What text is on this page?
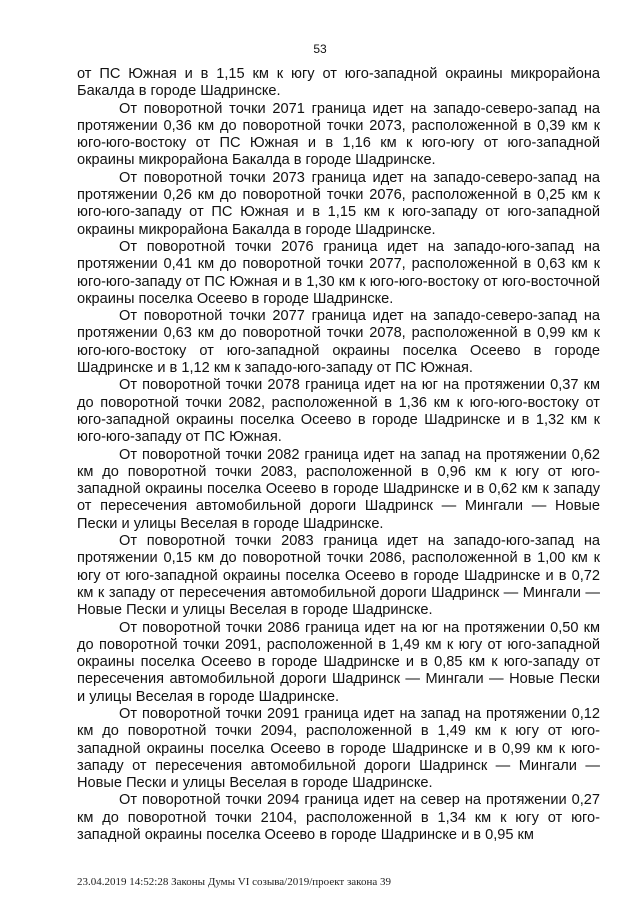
53

от ПС Южная и в 1,15 км к югу от юго-западной окраины микрорайона Бакалда в городе Шадринске.

От поворотной точки 2071 граница идет на западо-северо-запад на протяжении 0,36 км до поворотной точки 2073, расположенной в 0,39 км к юго-юго-востоку от ПС Южная и в 1,16 км к юго-югу от юго-западной окраины микрорайона Бакалда в городе Шадринске.

От поворотной точки 2073 граница идет на западо-северо-запад на протяжении 0,26 км до поворотной точки 2076, расположенной в 0,25 км к юго-юго-западу от ПС Южная и в 1,15 км к юго-западу от юго-западной окраины микрорайона Бакалда в городе Шадринске.

От поворотной точки 2076 граница идет на западо-юго-запад на протяжении 0,41 км до поворотной точки 2077, расположенной в 0,63 км к юго-юго-западу от ПС Южная и в 1,30 км к юго-юго-востоку от юго-восточной окраины поселка Осеево в городе Шадринске.

От поворотной точки 2077 граница идет на западо-северо-запад на протяжении 0,63 км до поворотной точки 2078, расположенной в 0,99 км к юго-юго-востоку от юго-западной окраины поселка Осеево в городе Шадринске и в 1,12 км к западо-юго-западу от ПС Южная.

От поворотной точки 2078 граница идет на юг на протяжении 0,37 км до поворотной точки 2082, расположенной в 1,36 км к юго-юго-востоку от юго-западной окраины поселка Осеево в городе Шадринске и в 1,32 км к юго-юго-западу от ПС Южная.

От поворотной точки 2082 граница идет на запад на протяжении 0,62 км до поворотной точки 2083, расположенной в 0,96 км к югу от юго-западной окраины поселка Осеево в городе Шадринске и в 0,62 км к западу от пересечения автомобильной дороги Шадринск — Мингали — Новые Пески и улицы Веселая в городе Шадринске.

От поворотной точки 2083 граница идет на западо-юго-запад на протяжении 0,15 км до поворотной точки 2086, расположенной в 1,00 км к югу от юго-западной окраины поселка Осеево в городе Шадринске и в 0,72 км к западу от пересечения автомобильной дороги Шадринск — Мингали — Новые Пески и улицы Веселая в городе Шадринске.

От поворотной точки 2086 граница идет на юг на протяжении 0,50 км до поворотной точки 2091, расположенной в 1,49 км к югу от юго-западной окраины поселка Осеево в городе Шадринске и в 0,85 км к юго-западу от пересечения автомобильной дороги Шадринск — Мингали — Новые Пески и улицы Веселая в городе Шадринске.

От поворотной точки 2091 граница идет на запад на протяжении 0,12 км до поворотной точки 2094, расположенной в 1,49 км к югу от юго-западной окраины поселка Осеево в городе Шадринске и в 0,99 км к юго-западу от пересечения автомобильной дороги Шадринск — Мингали — Новые Пески и улицы Веселая в городе Шадринске.

От поворотной точки 2094 граница идет на север на протяжении 0,27 км до поворотной точки 2104, расположенной в 1,34 км к югу от юго-западной окраины поселка Осеево в городе Шадринске и в 0,95 км

23.04.2019 14:52:28 Законы Думы VI созыва/2019/проект закона 39
